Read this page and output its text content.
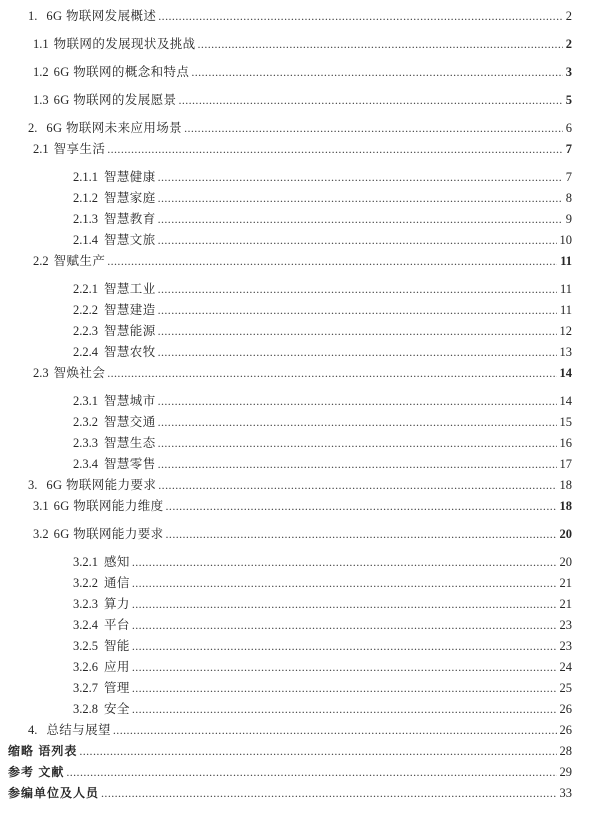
1. 6G 物联网发展概述 .....	2
1.1 物联网的发展现状及挑战 .....	2
1.2 6G 物联网的概念和特点 .....	3
1.3 6G 物联网的发展愿景 .....	5
2. 6G 物联网未来应用场景 .....	6
2.1 智享生活 .....	7
2.1.1 智慧健康 .....	7
2.1.2 智慧家庭 .....	8
2.1.3 智慧教育 .....	9
2.1.4 智慧文旅 .....	10
2.2 智赋生产 .....	11
2.2.1 智慧工业 .....	11
2.2.2 智慧建造 .....	11
2.2.3 智慧能源 .....	12
2.2.4 智慧农牧 .....	13
2.3 智焕社会 .....	14
2.3.1 智慧城市 .....	14
2.3.2 智慧交通 .....	15
2.3.3 智慧生态 .....	16
2.3.4 智慧零售 .....	17
3. 6G 物联网能力要求 .....	18
3.1 6G 物联网能力维度 .....	18
3.2 6G 物联网能力要求 .....	20
3.2.1 感知 .....	20
3.2.2 通信 .....	21
3.2.3 算力 .....	21
3.2.4 平台 .....	23
3.2.5 智能 .....	23
3.2.6 应用 .....	24
3.2.7 管理 .....	25
3.2.8 安全 .....	26
4. 总结与展望 .....	26
缩略 语列表 .....	28
参考 文献 .....	29
参编单位及人员 .....	33
